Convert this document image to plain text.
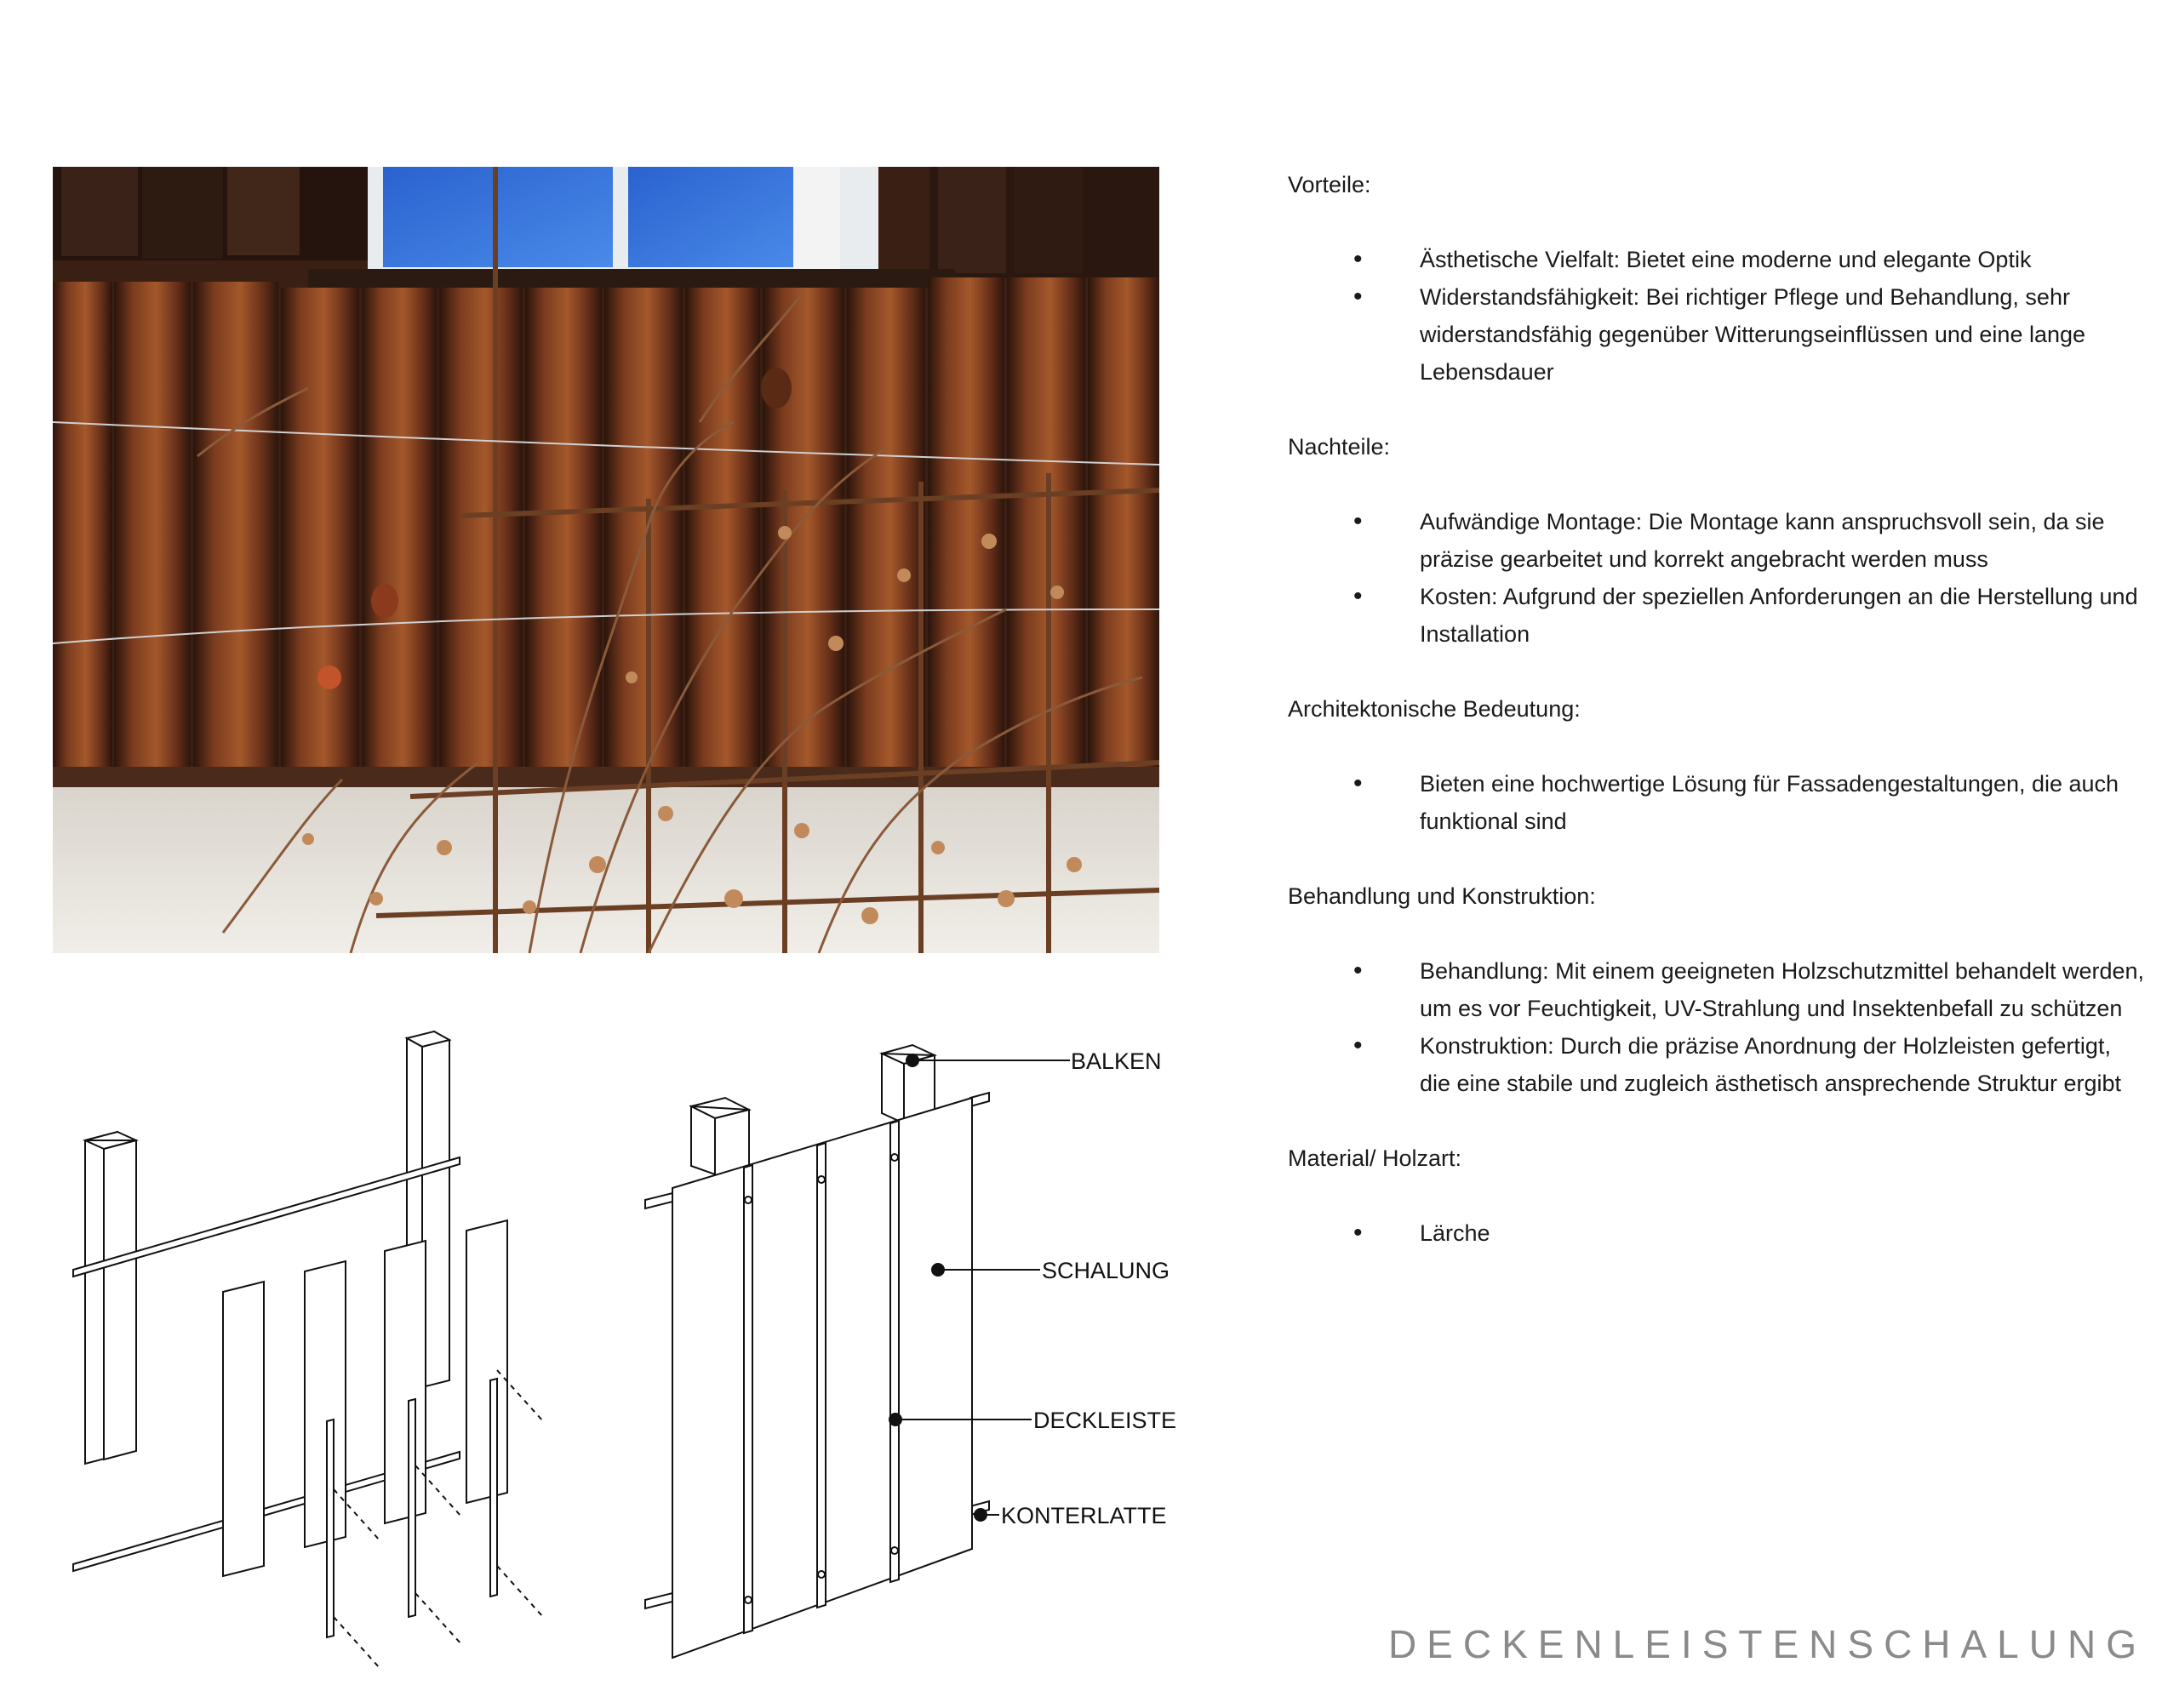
BALKEN
SCHALUNG
DECKLEISTE
KONTERLATTE
Vorteile:
• Ästhetische Vielfalt: Bietet eine moderne und elegante Optik
• Widerstandsfähigkeit: Bei richtiger Pflege und Behandlung, sehr widerstandsfähig gegenüber Witterungseinflüssen und eine lange Lebensdauer
Nachteile:
• Aufwändige Montage: Die Montage kann anspruchsvoll sein, da sie präzise gearbeitet und korrekt angebracht werden muss
• Kosten: Aufgrund der speziellen Anforderungen an die Herstellung und Installation
Architektonische Bedeutung:
• Bieten eine hochwertige Lösung für Fassadengestaltungen, die auch funktional sind
Behandlung und Konstruktion:
• Behandlung: Mit einem geeigneten Holzschutzmittel behandelt werden, um es vor Feuchtigkeit, UV-Strahlung und Insektenbefall zu schützen
• Konstruktion: Durch die präzise Anordnung der Holzleisten gefertigt, die eine stabile und zugleich ästhetisch ansprechende Struktur ergibt
Material/ Holzart:
• Lärche
DECKENLEISTENSCHALUNG
